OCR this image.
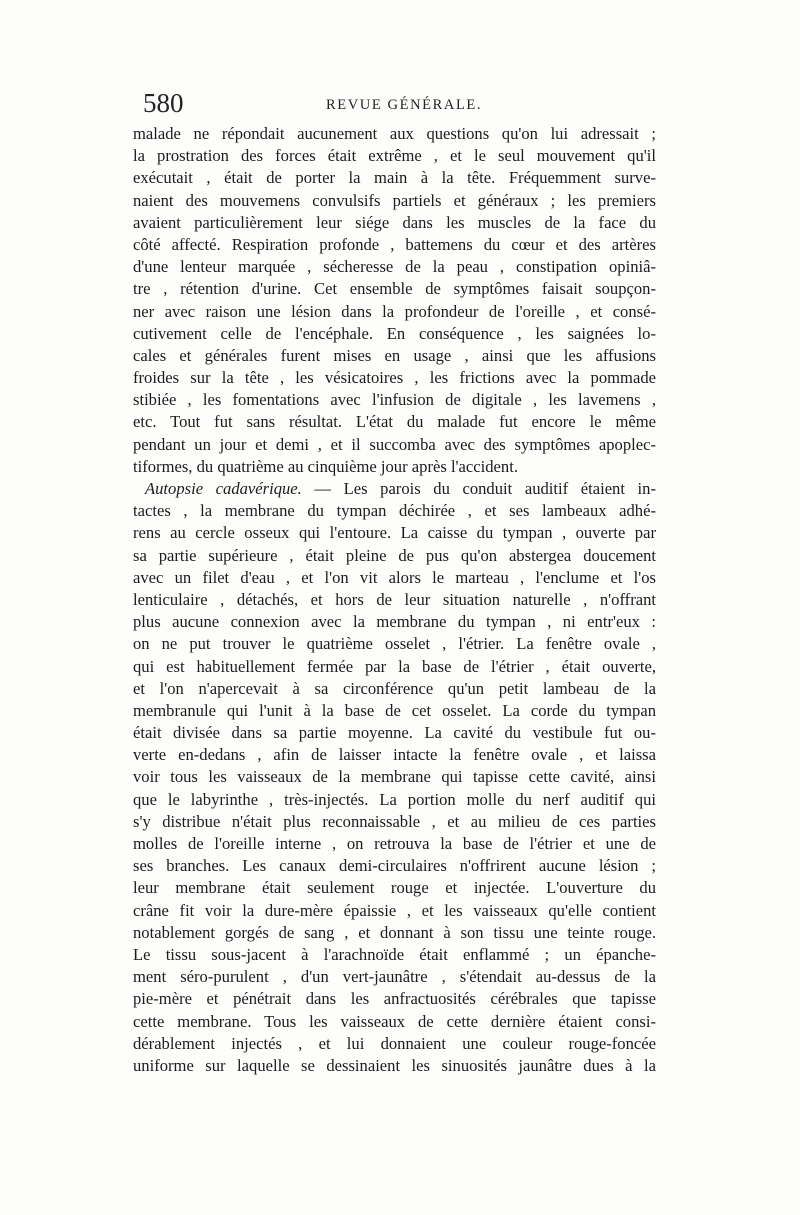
580	REVUE GÉNÉRALE.
malade ne répondait aucunement aux questions qu'on lui adressait ;
la prostration des forces était extrême , et le seul mouvement qu'il
exécutait , était de porter la main à la tête. Fréquemment surve-
naient des mouvemens convulsifs partiels et généraux ; les premiers
avaient particulièrement leur siége dans les muscles de la face du
côté affecté. Respiration profonde , battemens du cœur et des artères
d'une lenteur marquée , sécheresse de la peau , constipation opiniâ-
tre , rétention d'urine. Cet ensemble de symptômes faisait soupçon-
ner avec raison une lésion dans la profondeur de l'oreille , et consé-
cutivement celle de l'encéphale. En conséquence , les saignées lo-
cales et générales furent mises en usage , ainsi que les affusions
froides sur la tête , les vésicatoires , les frictions avec la pommade
stibiée , les fomentations avec l'infusion de digitale , les lavemens ,
etc. Tout fut sans résultat. L'état du malade fut encore le même
pendant un jour et demi , et il succomba avec des symptômes apoplec-
tiformes, du quatrième au cinquième jour après l'accident.
Autopsie cadavérique. — Les parois du conduit auditif étaient in-
tactes , la membrane du tympan déchirée , et ses lambeaux adhé-
rens au cercle osseux qui l'entoure. La caisse du tympan , ouverte par
sa partie supérieure , était pleine de pus qu'on abstergea doucement
avec un filet d'eau , et l'on vit alors le marteau , l'enclume et l'os
lenticulaire , détachés, et hors de leur situation naturelle , n'offrant
plus aucune connexion avec la membrane du tympan , ni entr'eux :
on ne put trouver le quatrième osselet , l'étrier. La fenêtre ovale ,
qui est habituellement fermée par la base de l'étrier , était ouverte,
et l'on n'apercevait à sa circonférence qu'un petit lambeau de la
membranule qui l'unit à la base de cet osselet. La corde du tympan
était divisée dans sa partie moyenne. La cavité du vestibule fut ou-
verte en-dedans , afin de laisser intacte la fenêtre ovale , et laissa
voir tous les vaisseaux de la membrane qui tapisse cette cavité, ainsi
que le labyrinthe , très-injectés. La portion molle du nerf auditif qui
s'y distribue n'était plus reconnaissable , et au milieu de ces parties
molles de l'oreille interne , on retrouva la base de l'étrier et une de
ses branches. Les canaux demi-circulaires n'offrirent aucune lésion ;
leur membrane était seulement rouge et injectée. L'ouverture du
crâne fit voir la dure-mère épaissie , et les vaisseaux qu'elle contient
notablement gorgés de sang , et donnant à son tissu une teinte rouge.
Le tissu sous-jacent à l'arachnoïde était enflammé ; un épanche-
ment séro-purulent , d'un vert-jaunâtre , s'étendait au-dessus de la
pie-mère et pénétrait dans les anfractuosités cérébrales que tapisse
cette membrane. Tous les vaisseaux de cette dernière étaient consi-
dérablement injectés , et lui donnaient une couleur rouge-foncée
uniforme sur laquelle se dessinaient les sinuosités jaunâtre dues à la
